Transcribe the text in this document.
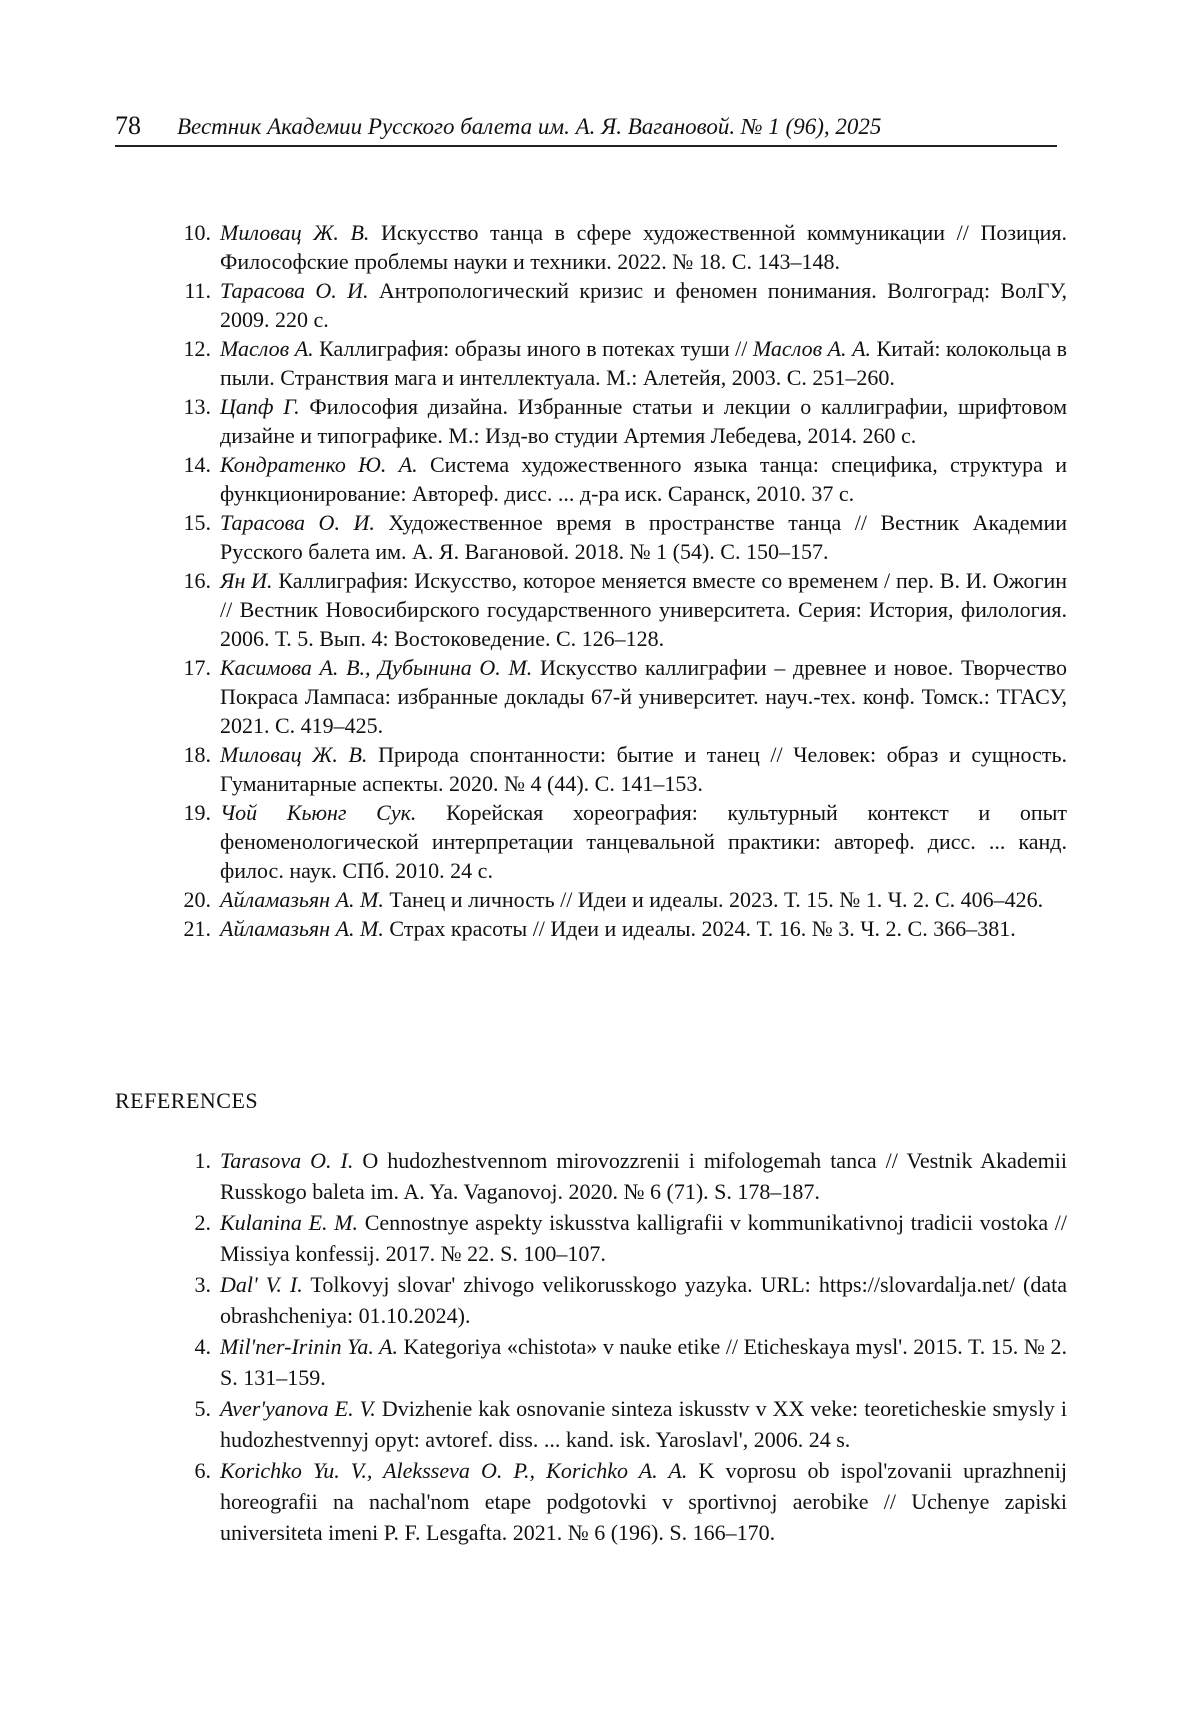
78 Вестник Академии Русского балета им. А. Я. Вагановой. № 1 (96), 2025
10. Миловац Ж. В. Искусство танца в сфере художественной коммуникации // Позиция. Философские проблемы науки и техники. 2022. № 18. С. 143–148.
11. Тарасова О. И. Антропологический кризис и феномен понимания. Волгоград: ВолГУ, 2009. 220 с.
12. Маслов А. Каллиграфия: образы иного в потеках туши // Маслов А. А. Китай: колокольца в пыли. Странствия мага и интеллектуала. М.: Алетейя, 2003. С. 251–260.
13. Цапф Г. Философия дизайна. Избранные статьи и лекции о каллиграфии, шрифтовом дизайне и типографике. М.: Изд-во студии Артемия Лебедева, 2014. 260 с.
14. Кондратенко Ю. А. Система художественного языка танца: специфика, структура и функционирование: Автореф. дисс. ... д-ра иск. Саранск, 2010. 37 с.
15. Тарасова О. И. Художественное время в пространстве танца // Вестник Академии Русского балета им. А. Я. Вагановой. 2018. № 1 (54). С. 150–157.
16. Ян И. Каллиграфия: Искусство, которое меняется вместе со временем / пер. В. И. Ожогин // Вестник Новосибирского государственного университета. Серия: История, филология. 2006. Т. 5. Вып. 4: Востоковедение. С. 126–128.
17. Касимова А. В., Дубынина О. М. Искусство каллиграфии – древнее и новое. Творчество Покраса Лампаса: избранные доклады 67-й университет. науч.-тех. конф. Томск.: ТГАСУ, 2021. С. 419–425.
18. Миловац Ж. В. Природа спонтанности: бытие и танец // Человек: образ и сущность. Гуманитарные аспекты. 2020. № 4 (44). С. 141–153.
19. Чой Кьюнг Сук. Корейская хореография: культурный контекст и опыт феноменологической интерпретации танцевальной практики: автореф. дисс. ... канд. филос. наук. СПб. 2010. 24 с.
20. Айламазьян А. М. Танец и личность // Идеи и идеалы. 2023. Т. 15. № 1. Ч. 2. С. 406–426.
21. Айламазьян А. М. Страх красоты // Идеи и идеалы. 2024. Т. 16. № 3. Ч. 2. С. 366–381.
REFERENCES
1. Tarasova O. I. O hudozhestvennom mirovozzrenii i mifologemah tanca // Vestnik Akademii Russkogo baleta im. A. Ya. Vaganovoj. 2020. № 6 (71). S. 178–187.
2. Kulanina E. M. Cennostnye aspekty iskusstva kalligrafii v kommunikativnoj tradicii vostoka // Missiya konfessij. 2017. № 22. S. 100–107.
3. Dal' V. I. Tolkovyj slovar' zhivogo velikorusskogo yazyka. URL: https://slovardalja.net/ (data obrashcheniya: 01.10.2024).
4. Mil'ner-Irinin Ya. A. Kategoriya «chistota» v nauke etike // Eticheskaya mysl'. 2015. T. 15. № 2. S. 131–159.
5. Aver'yanova E. V. Dvizhenie kak osnovanie sinteza iskusstv v XX veke: teoreticheskie smysly i hudozhestvennyj opyt: avtoref. diss. ... kand. isk. Yaroslavl', 2006. 24 s.
6. Korichko Yu. V., Aleksseva O. P., Korichko A. A. K voprosu ob ispol'zovanii uprazhnenij horeografii na nachal'nom etape podgotovki v sportivnoj aerobike // Uchenye zapiski universiteta imeni P. F. Lesgafta. 2021. № 6 (196). S. 166–170.
